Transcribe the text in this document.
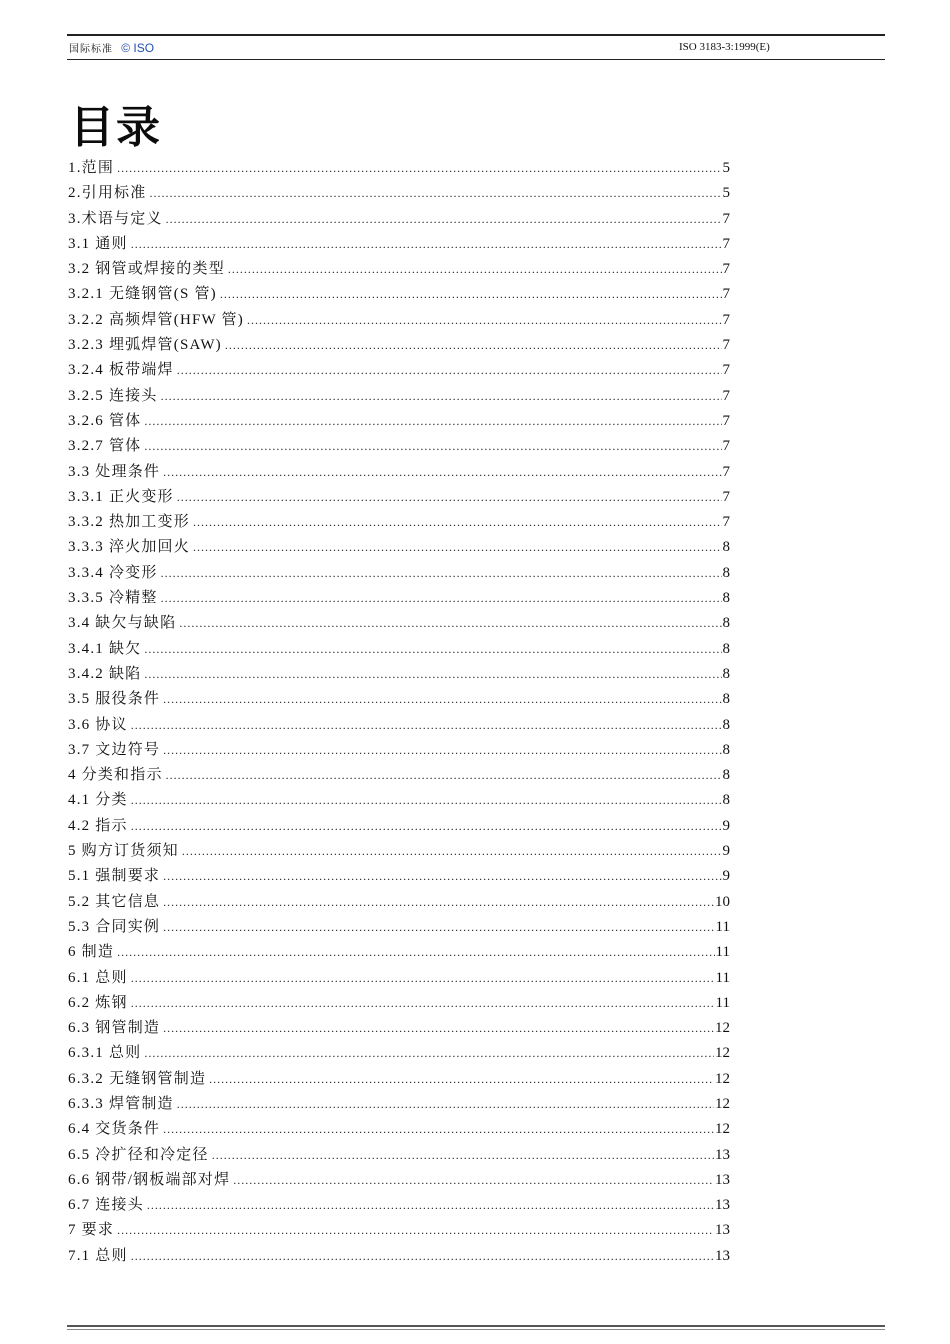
国际标准 © ISO	ISO 3183-3:1999(E)
目录
1.范围 .....	5
2.引用标准 .....	5
3.术语与定义 .....	7
3.1 通则 .....	7
3.2 钢管或焊接的类型 .....	7
3.2.1 无缝钢管(S 管) .....	7
3.2.2 高频焊管(HFW 管) .....	7
3.2.3 埋弧焊管(SAW) .....	7
3.2.4 板带端焊 .....	7
3.2.5 连接头 .....	7
3.2.6 管体 .....	7
3.2.7 管体 .....	7
3.3 处理条件 .....	7
3.3.1 正火变形 .....	7
3.3.2 热加工变形 .....	7
3.3.3 淬火加回火 .....	8
3.3.4 冷变形 .....	8
3.3.5 冷精整 .....	8
3.4 缺欠与缺陷 .....	8
3.4.1 缺欠 .....	8
3.4.2 缺陷 .....	8
3.5 服役条件 .....	8
3.6 协议 .....	8
3.7 文边符号 .....	8
4 分类和指示 .....	8
4.1 分类 .....	8
4.2 指示 .....	9
5 购方订货须知 .....	9
5.1 强制要求 .....	9
5.2 其它信息 .....	10
5.3 合同实例 .....	11
6 制造 .....	11
6.1 总则 .....	11
6.2 炼钢 .....	11
6.3 钢管制造 .....	12
6.3.1 总则 .....	12
6.3.2 无缝钢管制造 .....	12
6.3.3 焊管制造 .....	12
6.4 交货条件 .....	12
6.5 冷扩径和冷定径 .....	13
6.6 钢带/钢板端部对焊 .....	13
6.7 连接头 .....	13
7 要求 .....	13
7.1 总则 .....	13
